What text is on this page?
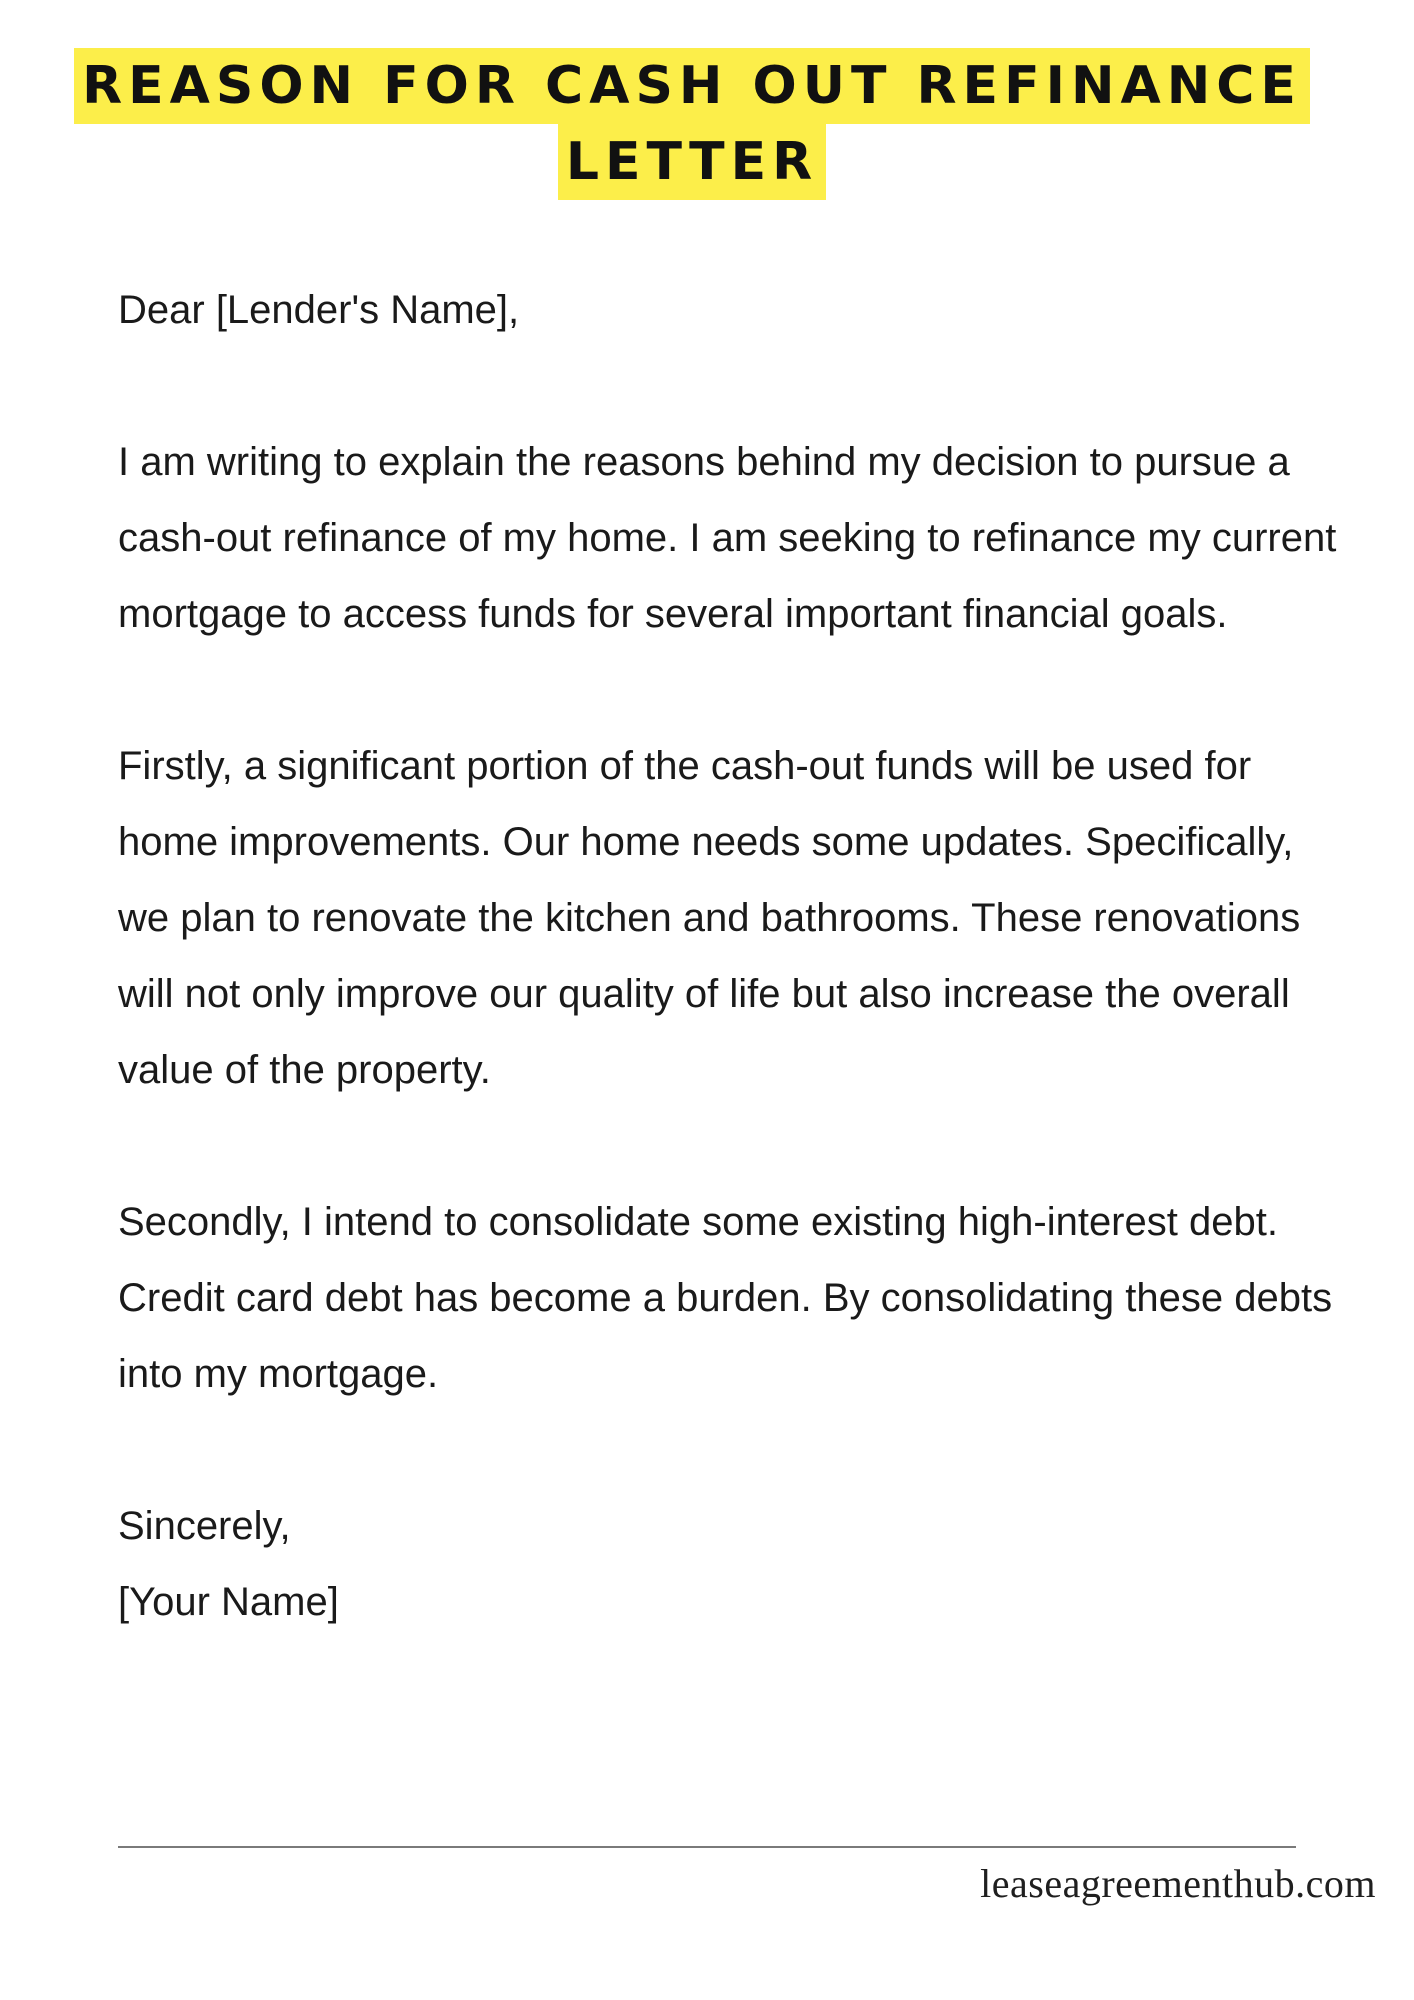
REASON FOR CASH OUT REFINANCE
LETTER

Dear [Lender's Name],

I am writing to explain the reasons behind my decision to pursue a cash-out refinance of my home. I am seeking to refinance my current mortgage to access funds for several important financial goals.

Firstly, a significant portion of the cash-out funds will be used for home improvements. Our home needs some updates. Specifically, we plan to renovate the kitchen and bathrooms. These renovations will not only improve our quality of life but also increase the overall value of the property.

Secondly, I intend to consolidate some existing high-interest debt. Credit card debt has become a burden. By consolidating these debts into my mortgage.

Sincerely,

[Your Name]

leaseagreementhub.com
